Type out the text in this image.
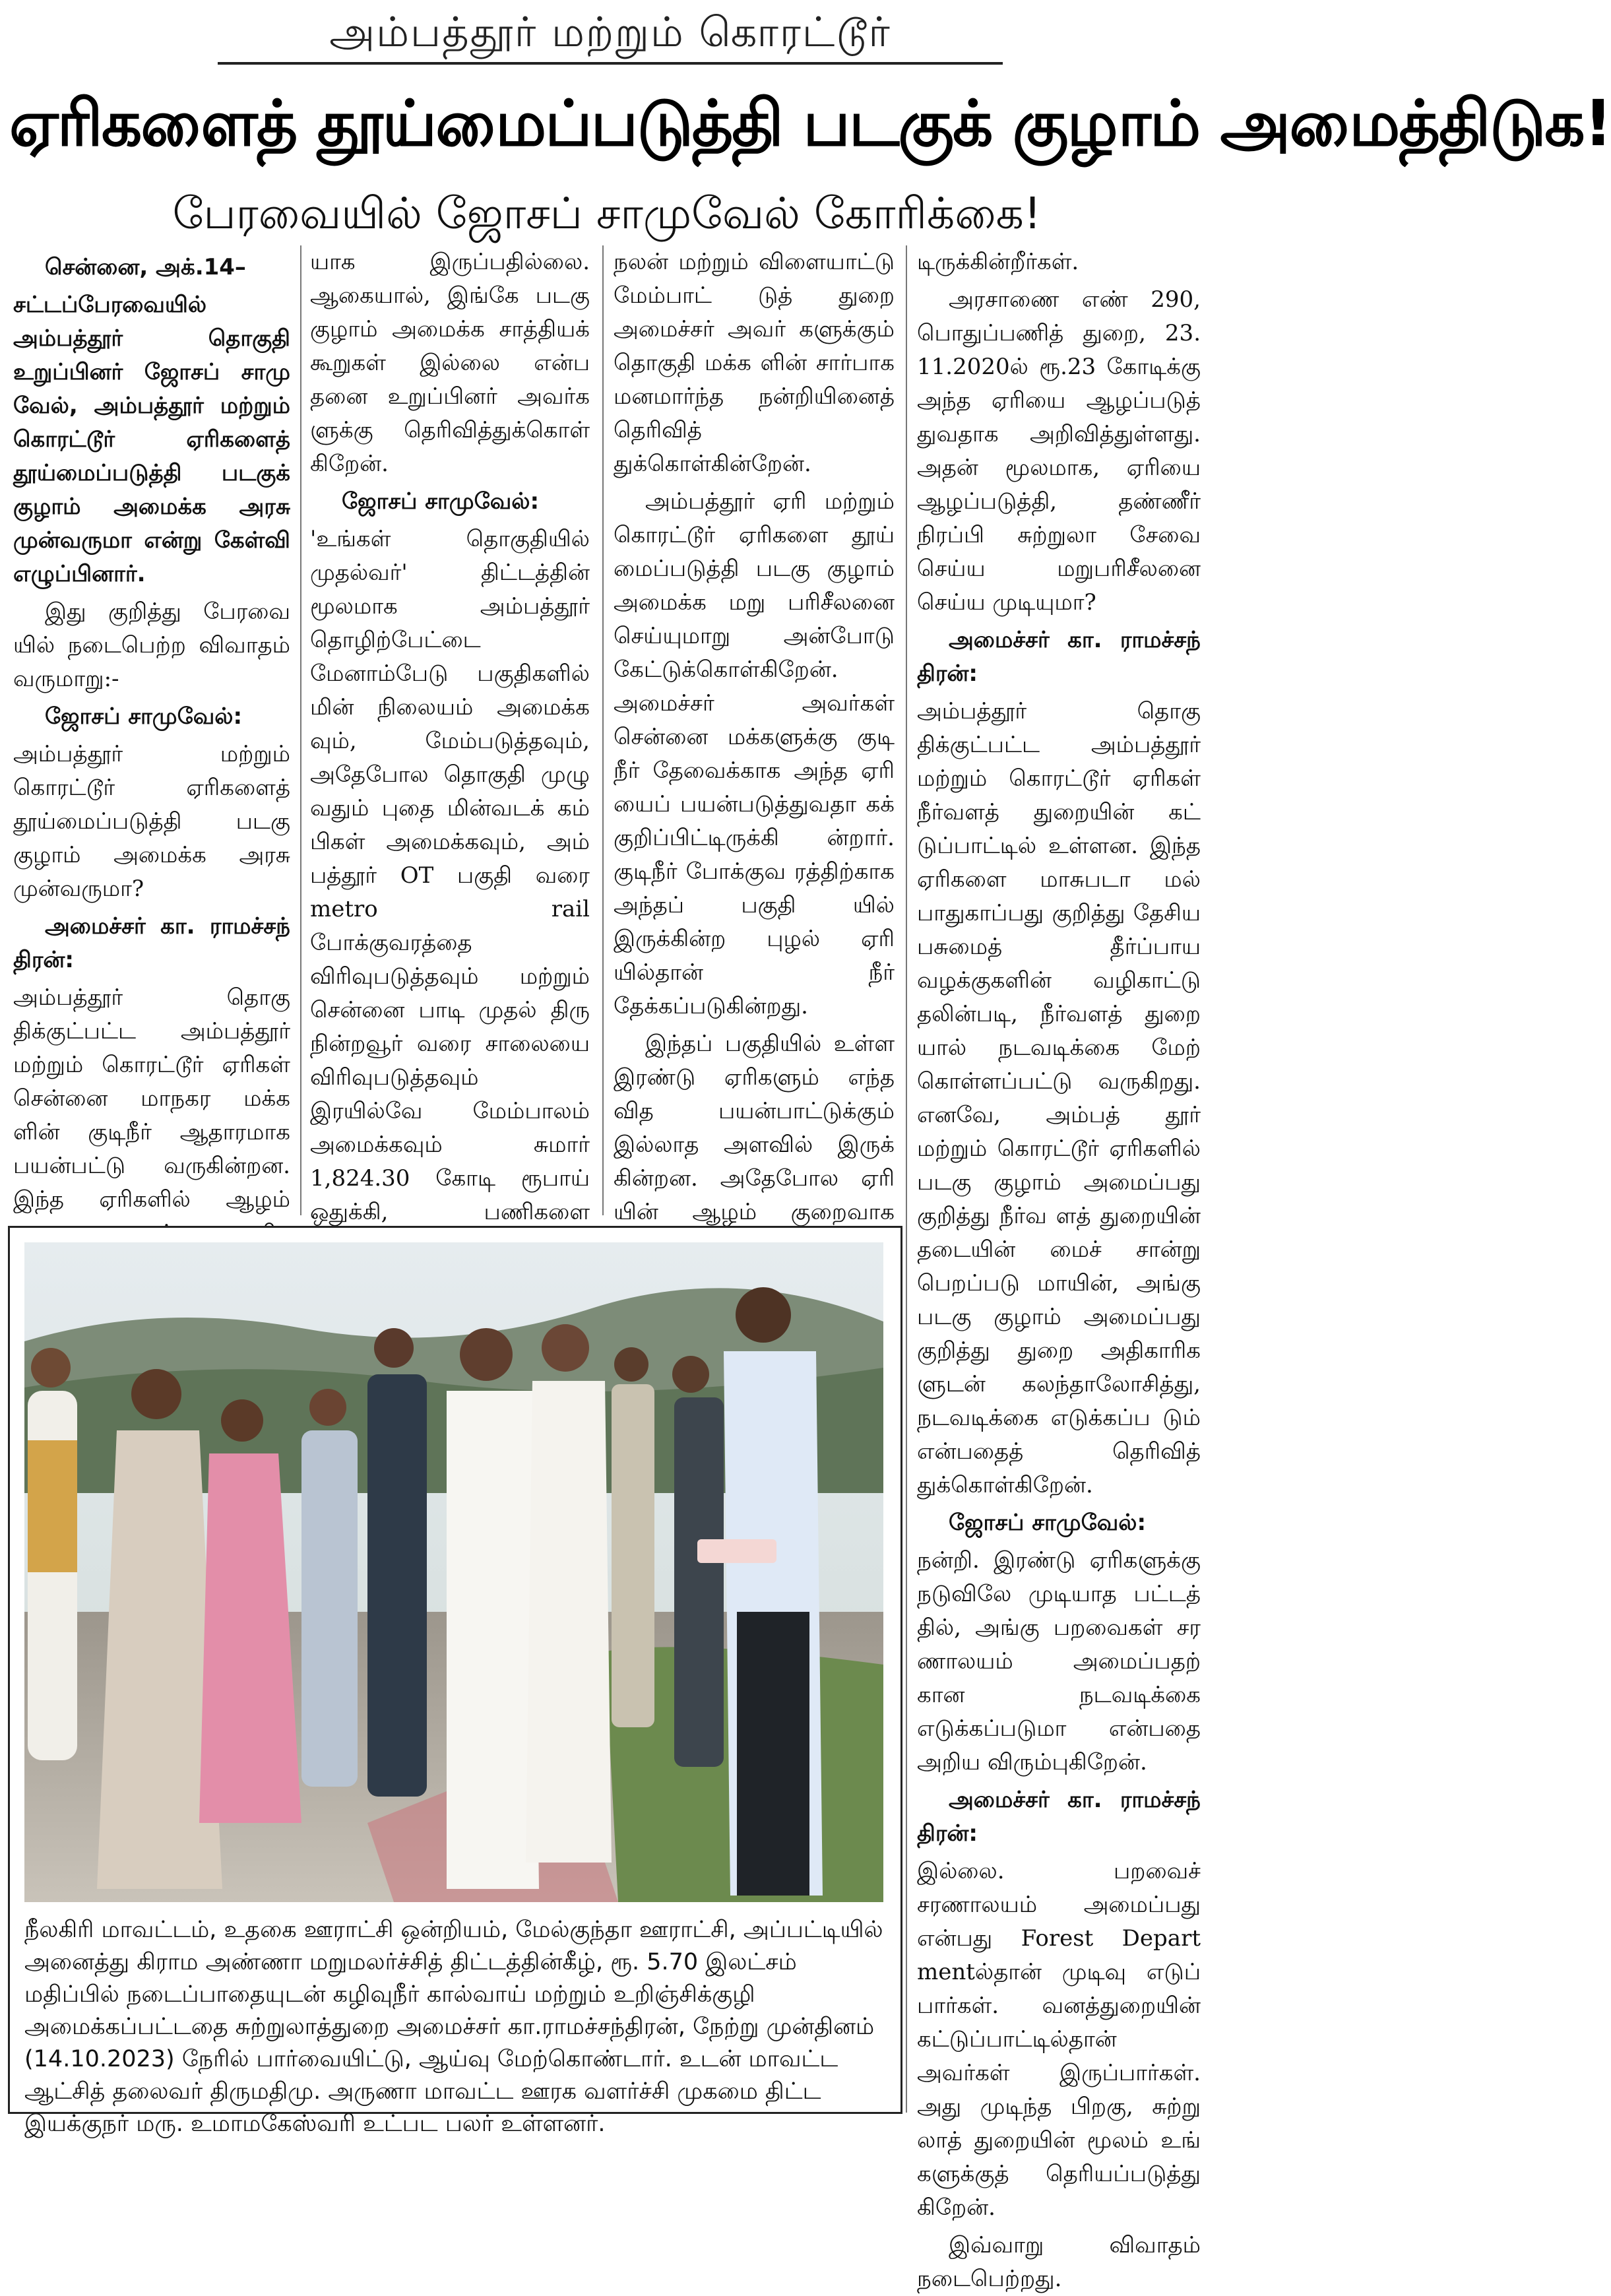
அம்பத்தூர் மற்றும் கொரட்டூர்
ஏரிகளைத் தூய்மைப்படுத்தி படகுக் குழாம் அமைத்திடுக!
பேரவையில் ஜோசப் சாமுவேல் கோரிக்கை!

சென்னை, அக்.14–

சட்டப்பேரவையில் அம்பத்தூர் தொகுதி உறுப்பினர் ஜோசப் சாமு வேல், அம்பத்தூர் மற்றும் கொரட்டூர் ஏரிகளைத் தூய்மைப்படுத்தி படகுக் குழாம் அமைக்க அரசு முன்வருமா என்று கேள்வி எழுப்பினார்.

இது குறித்து பேரவை யில் நடைபெற்ற விவாதம் வருமாறு:-

ஜோசப் சாமுவேல்:

அம்பத்தூர் மற்றும் கொரட்டூர் ஏரிகளைத் தூய்மைப்படுத்தி படகு குழாம் அமைக்க அரசு முன்வருமா?

அமைச்சர் கா. ராமச்சந் திரன்:

அம்பத்தூர் தொகு திக்குட்பட்ட அம்பத்தூர் மற்றும் கொரட்டூர் ஏரிகள் சென்னை மாநகர மக்க ளின் குடிநீர் ஆதாரமாக பயன்பட்டு வருகின்றன. இந்த ஏரிகளில் ஆழம்

யாக இருப்பதில்லை. ஆகையால், இங்கே படகு குழாம் அமைக்க சாத்தியக் கூறுகள் இல்லை என்ப தனை உறுப்பினர் அவர்க ளுக்கு தெரிவித்துக்கொள் கிறேன்.

ஜோசப் சாமுவேல்:

'உங்கள் தொகுதியில் முதல்வர்' திட்டத்தின் மூலமாக அம்பத்தூர் தொழிற்பேட்டை மேனாம்பேடு பகுதிகளில் மின் நிலையம் அமைக்க வும், மேம்படுத்தவும், அதேபோல தொகுதி முழு வதும் புதை மின்வடக் கம் பிகள் அமைக்கவும், அம் பத்தூர் OT பகுதி வரை metro rail போக்குவரத்தை விரிவுபடுத்தவும் மற்றும் சென்னை பாடி முதல் திரு நின்றவூர் வரை சாலையை விரிவுபடுத்தவும் இரயில்வே மேம்பாலம் அமைக்கவும் சுமார் 1,824.30 கோடி ரூபாய் ஒதுக்கி, பணிகளை

நலன் மற்றும் விளையாட்டு மேம்பாட் டுத் துறை அமைச்சர் அவர் களுக்கும் தொகுதி மக்க ளின் சார்பாக மனமார்ந்த நன்றியினைத் தெரிவித் துக்கொள்கின்றேன்.

அம்பத்தூர் ஏரி மற்றும் கொரட்டூர் ஏரிகளை தூய் மைப்படுத்தி படகு குழாம் அமைக்க மறு பரிசீலனை செய்யுமாறு அன்போடு கேட்டுக்கொள்கிறேன். அமைச்சர் அவர்கள் சென்னை மக்களுக்கு குடி நீர் தேவைக்காக அந்த ஏரி யைப் பயன்படுத்துவதா கக் குறிப்பிட்டிருக்கி ன்றார். குடிநீர் போக்குவ ரத்திற்காக அந்தப் பகுதி யில் இருக்கின்ற புழல் ஏரி யில்தான் நீர் தேக்கப்படுகின்றது.

இந்தப் பகுதியில் உள்ள இரண்டு ஏரிகளும் எந்த வித பயன்பாட்டுக்கும் இல்லாத அளவில் இருக் கின்றன. அதேபோல ஏரி யின் ஆழம் குறைவாக

டிருக்கின்றீர்கள்.

அரசாணை எண் 290, பொதுப்பணித் துறை, 23. 11.2020ல் ரூ.23 கோடிக்கு அந்த ஏரியை ஆழப்படுத் துவதாக அறிவித்துள்ளது. அதன் மூலமாக, ஏரியை ஆழப்படுத்தி, தண்ணீர் நிரப்பி சுற்றுலா சேவை செய்ய மறுபரிசீலனை செய்ய முடியுமா?

அமைச்சர் கா. ராமச்சந் திரன்:

அம்பத்தூர் தொகு திக்குட்பட்ட அம்பத்தூர் மற்றும் கொரட்டூர் ஏரிகள் நீர்வளத் துறையின் கட் டுப்பாட்டில் உள்ளன. இந்த ஏரிகளை மாசுபடா மல் பாதுகாப்பது குறித்து தேசிய பசுமைத் தீர்ப்பாய வழக்குகளின் வழிகாட்டு தலின்படி, நீர்வளத் துறை யால் நடவடிக்கை மேற் கொள்ளப்பட்டு வருகிறது. எனவே, அம்பத் தூர் மற்றும் கொரட்டூர் ஏரிகளில் படகு குழாம் அமைப்பது குறித்து நீர்வ ளத் துறையின் தடையின் மைச் சான்று பெறப்படு மாயின், அங்கு படகு குழாம் அமைப்பது குறித்து துறை அதிகாரிக ளுடன் கலந்தாலோசித்து, நடவடிக்கை எடுக்கப்ப டும் என்பதைத் தெரிவித் துக்கொள்கிறேன்.

ஜோசப் சாமுவேல்:

நன்றி. இரண்டு ஏரிகளுக்கு நடுவிலே முடியாத பட்டத் தில், அங்கு பறவைகள் சர ணாலயம் அமைப்பதற் கான நடவடிக்கை எடுக்கப்படுமா என்பதை அறிய விரும்புகிறேன்.

அமைச்சர் கா. ராமச்சந் திரன்:

இல்லை. பறவைச் சரணாலயம் அமைப்பது என்பது Forest Depart mentல்தான் முடிவு எடுப் பார்கள். வனத்துறையின் கட்டுப்பாட்டில்தான் அவர்கள் இருப்பார்கள். அது முடிந்த பிறகு, சுற்று லாத் துறையின் மூலம் உங் களுக்குத் தெரியப்படுத்து கிறேன்.

இவ்வாறு விவாதம் நடைபெற்றது.

நீலகிரி மாவட்டம், உதகை ஊராட்சி ஒன்றியம், மேல்குந்தா ஊராட்சி, அப்பட்டியில் அனைத்து கிராம அண்ணா மறுமலர்ச்சித் திட்டத்தின்கீழ், ரூ. 5.70 இலட்சம் மதிப்பில் நடைப்பாதையுடன் கழிவுநீர் கால்வாய் மற்றும் உறிஞ்சிக்குழி அமைக்கப்பட்டதை சுற்றுலாத்துறை அமைச்சர் கா.ராமச்சந்திரன், நேற்று முன்தினம் (14.10.2023) நேரில் பார்வையிட்டு, ஆய்வு மேற்கொண்டார். உடன் மாவட்ட ஆட்சித் தலைவர் திருமதிமு. அருணா மாவட்ட ஊரக வளர்ச்சி முகமை திட்ட இயக்குநர் மரு. உமாமகேஸ்வரி உட்பட பலர் உள்ளனர்.
